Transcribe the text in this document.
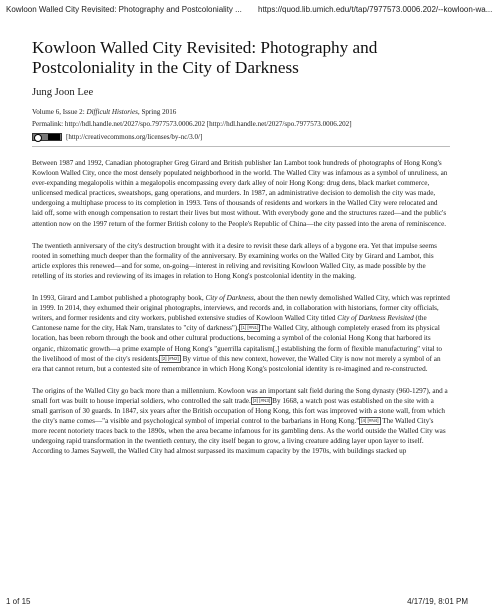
Kowloon Walled City Revisited: Photography and Postcoloniality ... https://quod.lib.umich.edu/t/tap/7977573.0006.202/--kowloon-wa...
Kowloon Walled City Revisited: Photography and Postcoloniality in the City of Darkness
Jung Joon Lee
Volume 6, Issue 2: Difficult Histories, Spring 2016
Permalink: http://hdl.handle.net/2027/spo.7977573.0006.202 [http://hdl.handle.net/2027/spo.7977573.0006.202]
[http://creativecommons.org/licenses/by-nc/3.0/]

Between 1987 and 1992, Canadian photographer Greg Girard and British publisher Ian Lambot took hundreds of photographs of Hong Kong's Kowloon Walled City, once the most densely populated neighborhood in the world. The Walled City was infamous as a symbol of unruliness, an ever-expanding megalopolis within a megalopolis encompassing every dark alley of noir Hong Kong: drug dens, black market commerce, unlicensed medical practices, sweatshops, gang operations, and murders. In 1987, an administrative decision to demolish the city was made, undergoing a multiphase process to its completion in 1993. Tens of thousands of residents and workers in the Walled City were relocated and laid off, some with enough compensation to restart their lives but most without. With everybody gone and the structures razed—and the public's attention now on the 1997 return of the former British colony to the People's Republic of China—the city passed into the arena of reminiscence.

The twentieth anniversary of the city's destruction brought with it a desire to revisit these dark alleys of a bygone era. Yet that impulse seems rooted in something much deeper than the formality of the anniversary. By examining works on the Walled City by Girard and Lambot, this article explores this renewed—and for some, on-going—interest in reliving and revisiting Kowloon Walled City, as made possible by the retelling of its stories and reviewing of its images in relation to Hong Kong's postcolonial identity in the making.

In 1993, Girard and Lambot published a photography book, City of Darkness, about the then newly demolished Walled City, which was reprinted in 1999. In 2014, they exhumed their original photographs, interviews, and records and, in collaboration with historians, former city officials, writers, and former residents and city workers, published extensive studies of Kowloon Walled City titled City of Darkness Revisited (the Cantonese name for the city, Hak Nam, translates to "city of darkness"). [1] [#N1] The Walled City, although completely erased from its physical location, has been reborn through the book and other cultural productions, becoming a symbol of the colonial Hong Kong that harbored its organic, rhizomatic growth—a prime example of Hong Kong's "guerrilla capitalism[,] establishing the form of flexible manufacturing" vital to the livelihood of most of the city's residents. [2] [#N2] By virtue of this new context, however, the Walled City is now not merely a symbol of an era that cannot return, but a contested site of remembrance in which Hong Kong's postcolonial identity is re-imagined and re-constructed.

The origins of the Walled City go back more than a millennium. Kowloon was an important salt field during the Song dynasty (960-1297), and a small fort was built to house imperial soldiers, who controlled the salt trade. [3] [#N3] By 1668, a watch post was established on the site with a small garrison of 30 guards. In 1847, six years after the British occupation of Hong Kong, this fort was improved with a stone wall, from which the city's name comes—"a visible and psychological symbol of imperial control to the barbarians in Hong Kong." [4] [#N4] The Walled City's more recent notoriety traces back to the 1890s, when the area became infamous for its gambling dens. As the world outside the Walled City was undergoing rapid transformation in the twentieth century, the city itself began to grow, a living creature adding layer upon layer to itself. According to James Saywell, the Walled City had almost surpassed its maximum capacity by the 1970s, with buildings stacked up

1 of 15	4/17/19, 8:01 PM
